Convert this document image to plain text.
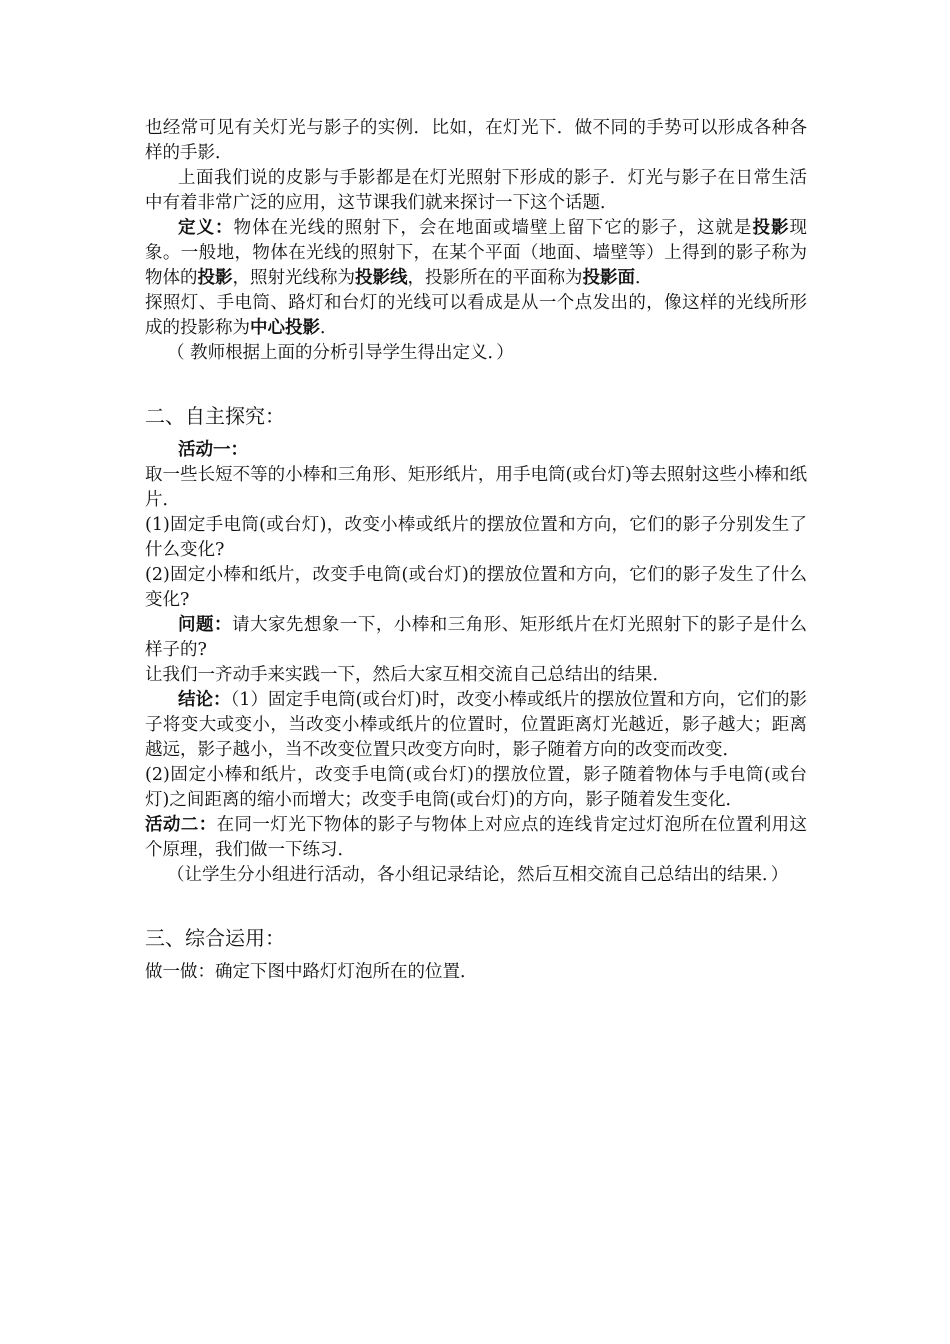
也经常可见有关灯光与影子的实例．比如，在灯光下．做不同的手势可以形成各种各样的手影．

上面我们说的皮影与手影都是在灯光照射下形成的影子．灯光与影子在日常生活中有着非常广泛的应用，这节课我们就来探讨一下这个话题．

定义：物体在光线的照射下，会在地面或墙壁上留下它的影子，这就是投影现象。一般地，物体在光线的照射下，在某个平面（地面、墙壁等）上得到的影子称为物体的投影，照射光线称为投影线，投影所在的平面称为投影面．

探照灯、手电筒、路灯和台灯的光线可以看成是从一个点发出的，像这样的光线所形成的投影称为中心投影．

（ 教师根据上面的分析引导学生得出定义．）

二、自主探究：

活动一：

取一些长短不等的小棒和三角形、矩形纸片，用手电筒(或台灯)等去照射这些小棒和纸片．

(1)固定手电筒(或台灯)，改变小棒或纸片的摆放位置和方向，它们的影子分别发生了什么变化?

(2)固定小棒和纸片，改变手电筒(或台灯)的摆放位置和方向，它们的影子发生了什么变化?

问题：请大家先想象一下，小棒和三角形、矩形纸片在灯光照射下的影子是什么样子的?

让我们一齐动手来实践一下，然后大家互相交流自己总结出的结果．

结论：（1）固定手电筒(或台灯)时，改变小棒或纸片的摆放位置和方向，它们的影子将变大或变小，当改变小棒或纸片的位置时，位置距离灯光越近，影子越大；距离越远，影子越小，当不改变位置只改变方向时，影子随着方向的改变而改变．

(2)固定小棒和纸片，改变手电筒(或台灯)的摆放位置，影子随着物体与手电筒(或台灯)之间距离的缩小而增大；改变手电筒(或台灯)的方向，影子随着发生变化．

活动二：在同一灯光下物体的影子与物体上对应点的连线肯定过灯泡所在位置利用这个原理，我们做一下练习．

（让学生分小组进行活动，各小组记录结论，然后互相交流自己总结出的结果．）

三、综合运用：

做一做：确定下图中路灯灯泡所在的位置．
